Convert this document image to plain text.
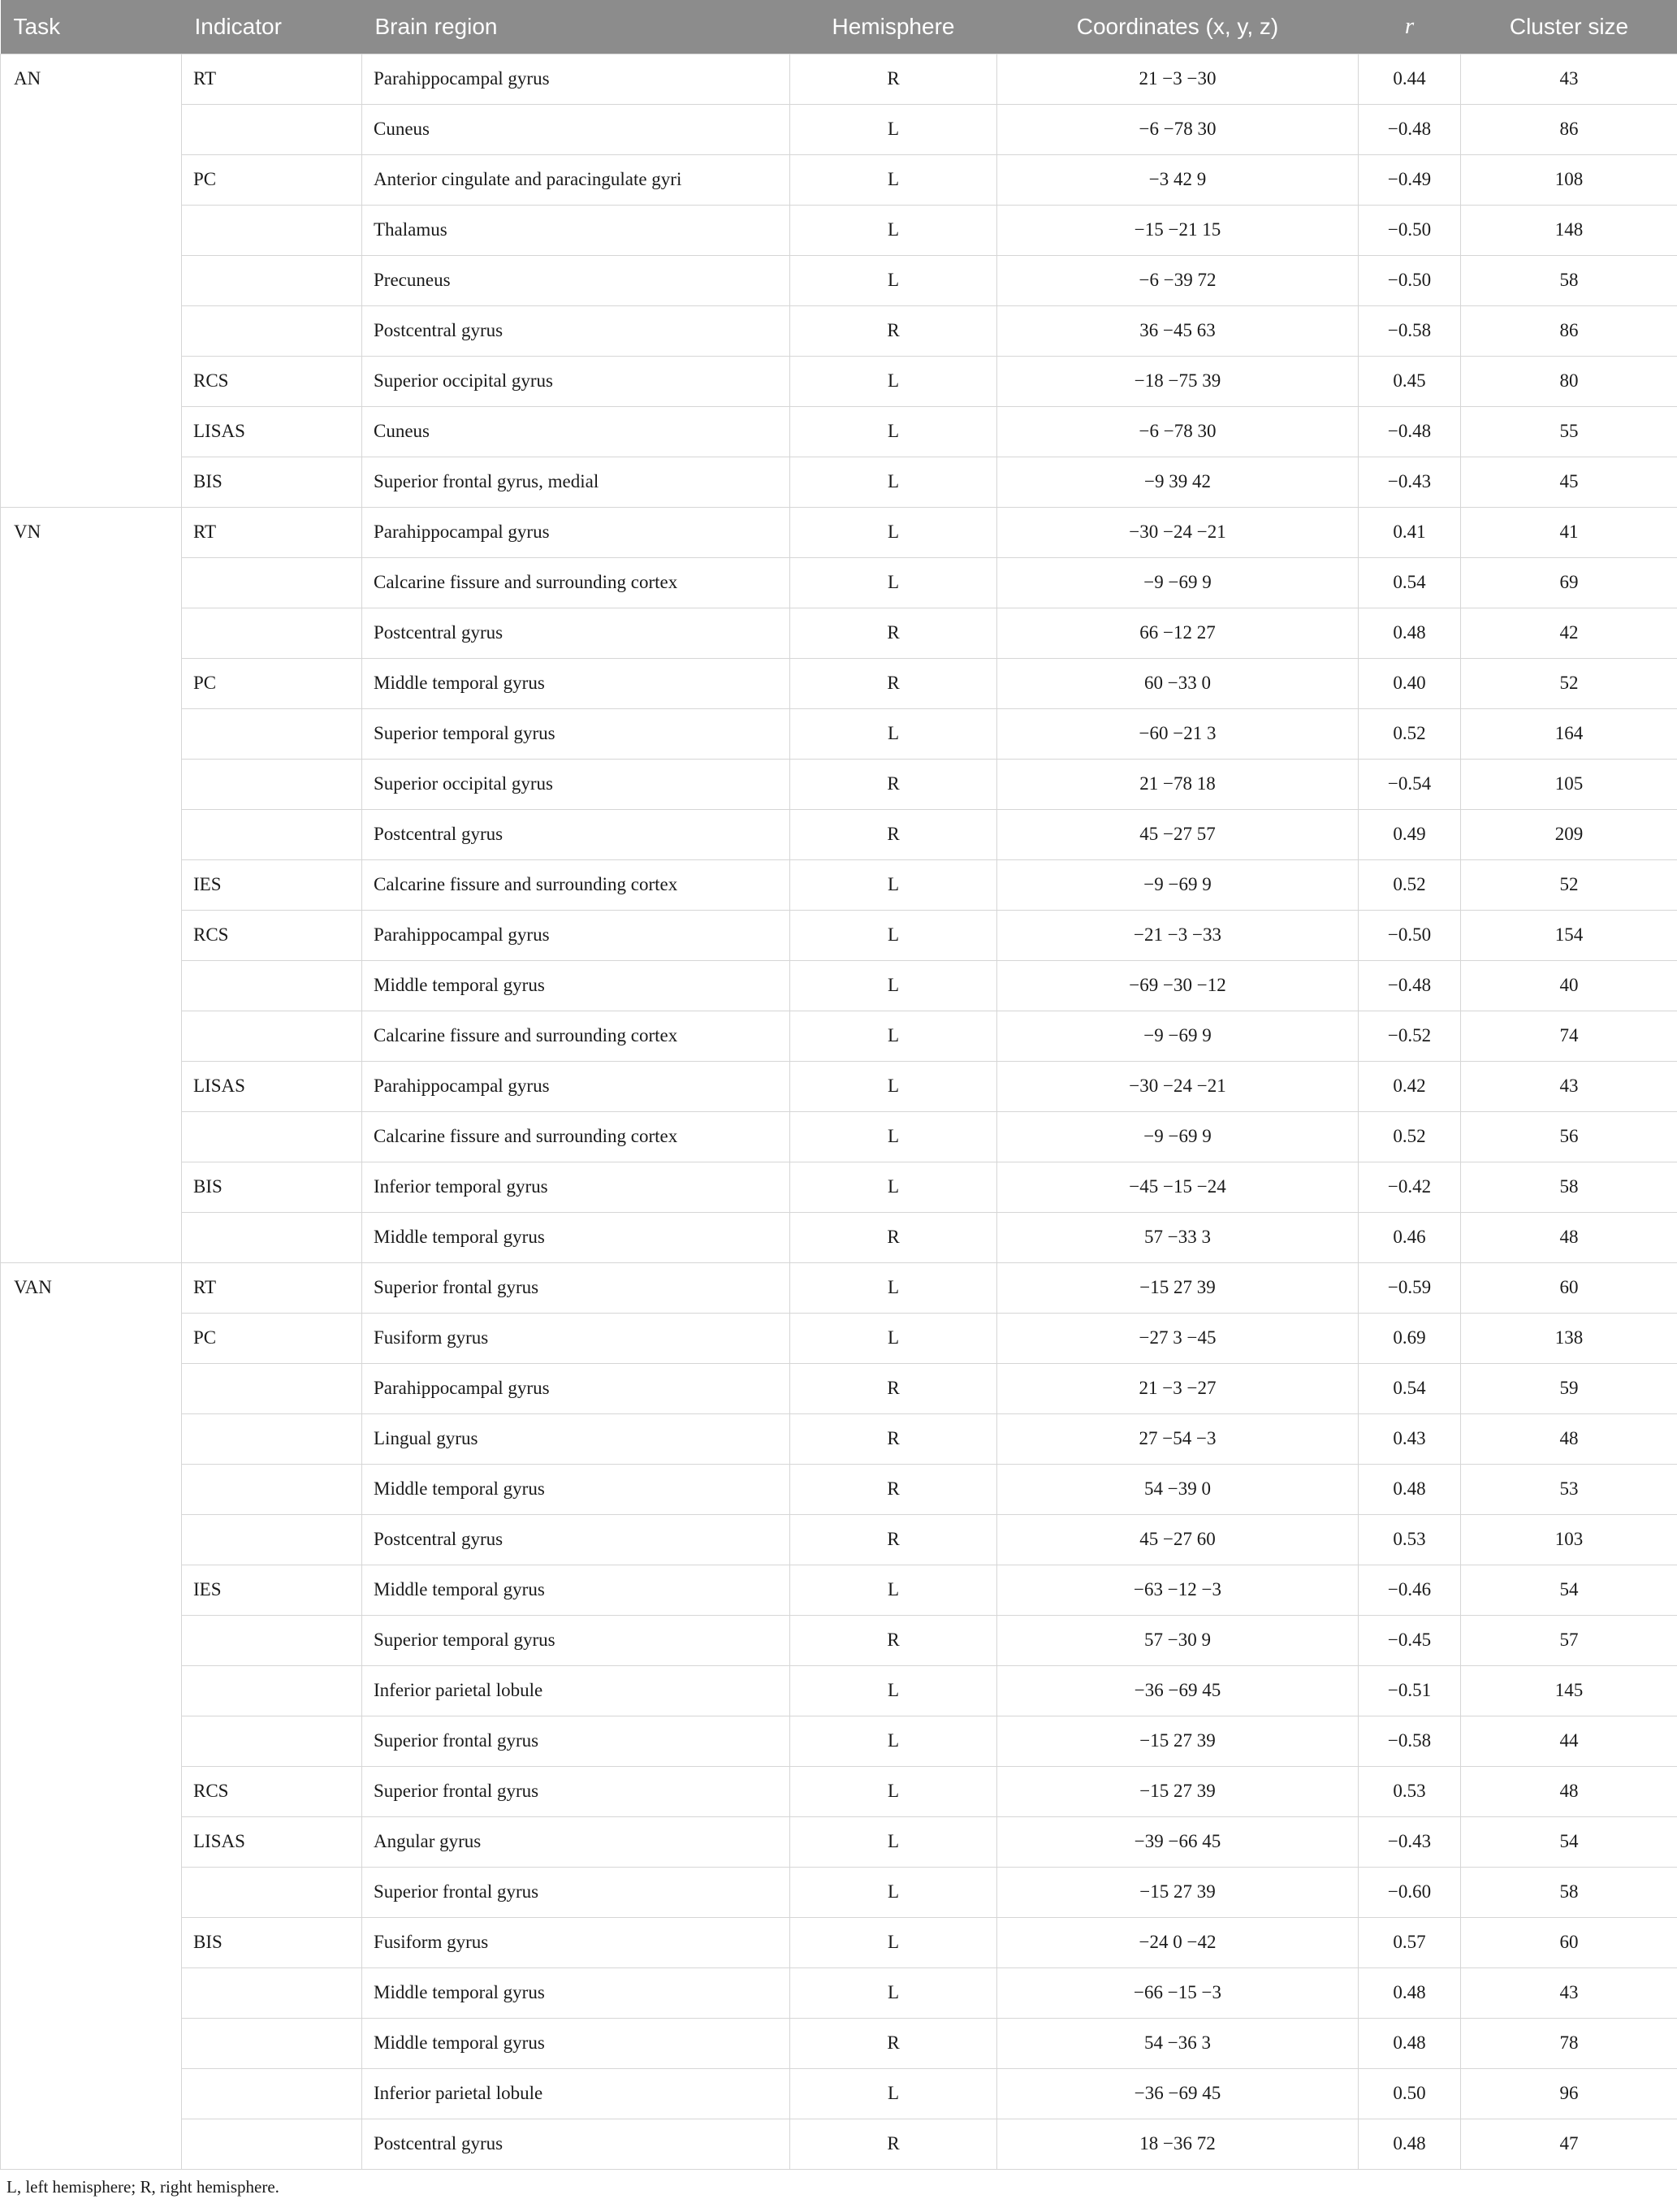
Task	Indicator	Brain region	Hemisphere	Coordinates (x, y, z)	r	Cluster size
AN	RT	Parahippocampal gyrus	R	21 −3 −30	0.44	43
		Cuneus	L	−6 −78 30	−0.48	86
	PC	Anterior cingulate and paracingulate gyri	L	−3 42 9	−0.49	108
		Thalamus	L	−15 −21 15	−0.50	148
		Precuneus	L	−6 −39 72	−0.50	58
		Postcentral gyrus	R	36 −45 63	−0.58	86
	RCS	Superior occipital gyrus	L	−18 −75 39	0.45	80
	LISAS	Cuneus	L	−6 −78 30	−0.48	55
	BIS	Superior frontal gyrus, medial	L	−9 39 42	−0.43	45
VN	RT	Parahippocampal gyrus	L	−30 −24 −21	0.41	41
		Calcarine fissure and surrounding cortex	L	−9 −69 9	0.54	69
		Postcentral gyrus	R	66 −12 27	0.48	42
	PC	Middle temporal gyrus	R	60 −33 0	0.40	52
		Superior temporal gyrus	L	−60 −21 3	0.52	164
		Superior occipital gyrus	R	21 −78 18	−0.54	105
		Postcentral gyrus	R	45 −27 57	0.49	209
	IES	Calcarine fissure and surrounding cortex	L	−9 −69 9	0.52	52
	RCS	Parahippocampal gyrus	L	−21 −3 −33	−0.50	154
		Middle temporal gyrus	L	−69 −30 −12	−0.48	40
		Calcarine fissure and surrounding cortex	L	−9 −69 9	−0.52	74
	LISAS	Parahippocampal gyrus	L	−30 −24 −21	0.42	43
		Calcarine fissure and surrounding cortex	L	−9 −69 9	0.52	56
	BIS	Inferior temporal gyrus	L	−45 −15 −24	−0.42	58
		Middle temporal gyrus	R	57 −33 3	0.46	48
VAN	RT	Superior frontal gyrus	L	−15 27 39	−0.59	60
	PC	Fusiform gyrus	L	−27 3 −45	0.69	138
		Parahippocampal gyrus	R	21 −3 −27	0.54	59
		Lingual gyrus	R	27 −54 −3	0.43	48
		Middle temporal gyrus	R	54 −39 0	0.48	53
		Postcentral gyrus	R	45 −27 60	0.53	103
	IES	Middle temporal gyrus	L	−63 −12 −3	−0.46	54
		Superior temporal gyrus	R	57 −30 9	−0.45	57
		Inferior parietal lobule	L	−36 −69 45	−0.51	145
		Superior frontal gyrus	L	−15 27 39	−0.58	44
	RCS	Superior frontal gyrus	L	−15 27 39	0.53	48
	LISAS	Angular gyrus	L	−39 −66 45	−0.43	54
		Superior frontal gyrus	L	−15 27 39	−0.60	58
	BIS	Fusiform gyrus	L	−24 0 −42	0.57	60
		Middle temporal gyrus	L	−66 −15 −3	0.48	43
		Middle temporal gyrus	R	54 −36 3	0.48	78
		Inferior parietal lobule	L	−36 −69 45	0.50	96
		Postcentral gyrus	R	18 −36 72	0.48	47
L, left hemisphere; R, right hemisphere.
